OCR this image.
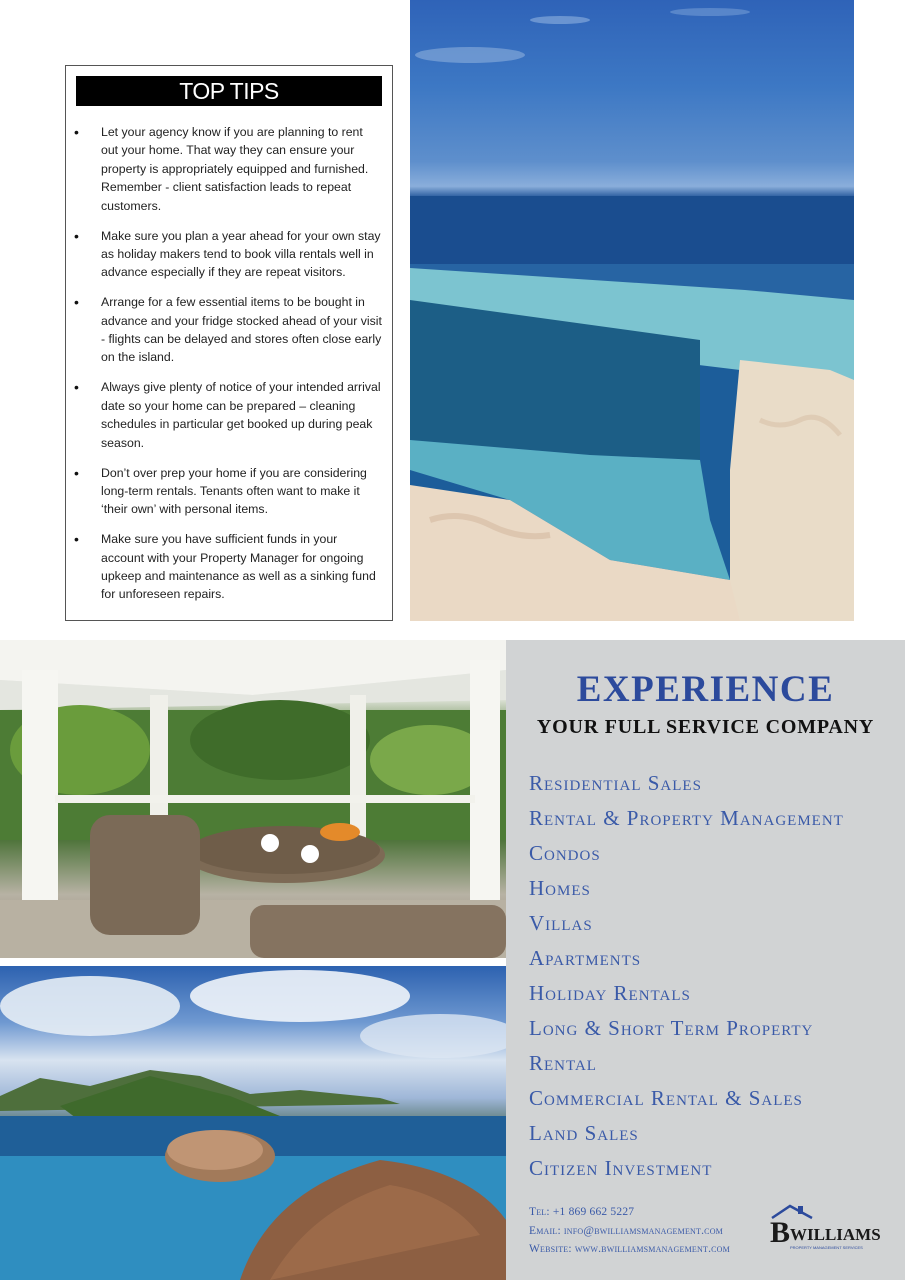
TOP TIPS
• Let your agency know if you are planning to rent out your home. That way they can ensure your property is appropriately equipped and furnished. Remember - client satisfaction leads to repeat customers.
• Make sure you plan a year ahead for your own stay as holiday makers tend to book villa rentals well in advance especially if they are repeat visitors.
• Arrange for a few essential items to be bought in advance and your fridge stocked ahead of your visit - flights can be delayed and stores often close early on the island.
• Always give plenty of notice of your intended arrival date so your home can be prepared – cleaning schedules in particular get booked up during peak season.
• Don’t over prep your home if you are considering long-term rentals. Tenants often want to make it ‘their own’ with personal items.
• Make sure you have sufficient funds in your account with your Property Manager for ongoing upkeep and maintenance as well as a sinking fund for unforeseen repairs.
EXPERIENCE
YOUR FULL SERVICE COMPANY
Residential Sales
Rental & Property Management
Condos
Homes
Villas
Apartments
Holiday Rentals
Long & Short Term Property
Rental
Commercial Rental & Sales
Land Sales
Citizen Investment
Tel: +1 869 662 5227
Email: info@bwilliamsmanagement.com
Website: www.bwilliamsmanagement.com B WILLIAMS
PROPERTY MANAGEMENT SERVICES
